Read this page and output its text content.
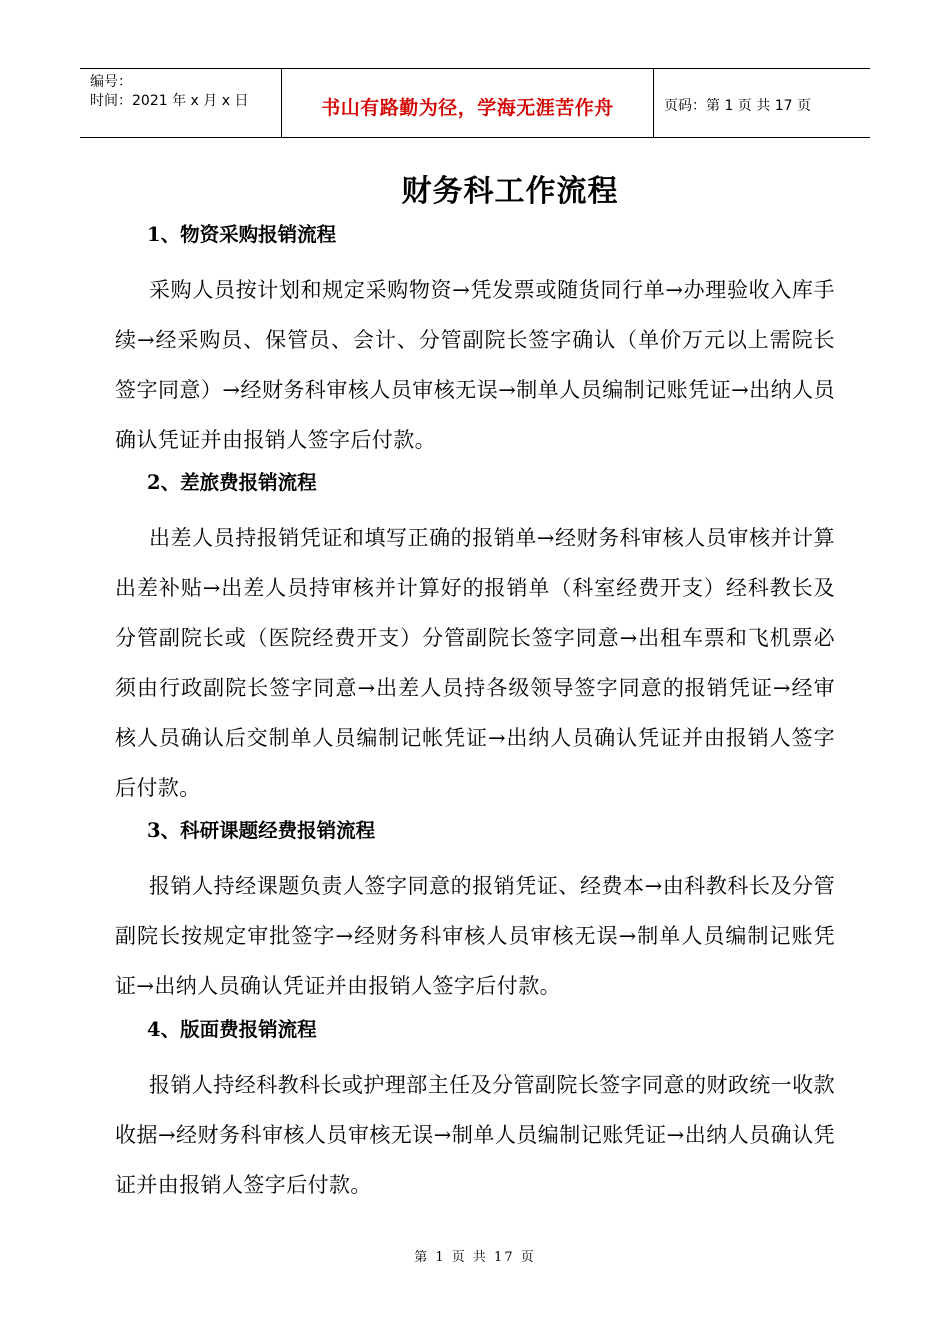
编号：
时间：2021 年 x 月 x 日	书山有路勤为径，学海无涯苦作舟	页码：第 1 页 共 17 页
财务科工作流程
1、物资采购报销流程

采购人员按计划和规定采购物资→凭发票或随货同行单→办理验收入库手续→经采购员、保管员、会计、分管副院长签字确认（单价万元以上需院长签字同意）→经财务科审核人员审核无误→制单人员编制记账凭证→出纳人员确认凭证并由报销人签字后付款。

2、差旅费报销流程

出差人员持报销凭证和填写正确的报销单→经财务科审核人员审核并计算出差补贴→出差人员持审核并计算好的报销单（科室经费开支）经科教长及分管副院长或（医院经费开支）分管副院长签字同意→出租车票和飞机票必须由行政副院长签字同意→出差人员持各级领导签字同意的报销凭证→经审核人员确认后交制单人员编制记帐凭证→出纳人员确认凭证并由报销人签字后付款。

3、科研课题经费报销流程

报销人持经课题负责人签字同意的报销凭证、经费本→由科教科长及分管副院长按规定审批签字→经财务科审核人员审核无误→制单人员编制记账凭证→出纳人员确认凭证并由报销人签字后付款。

4、版面费报销流程

报销人持经科教科长或护理部主任及分管副院长签字同意的财政统一收款收据→经财务科审核人员审核无误→制单人员编制记账凭证→出纳人员确认凭证并由报销人签字后付款。

第 1 页 共 17 页
